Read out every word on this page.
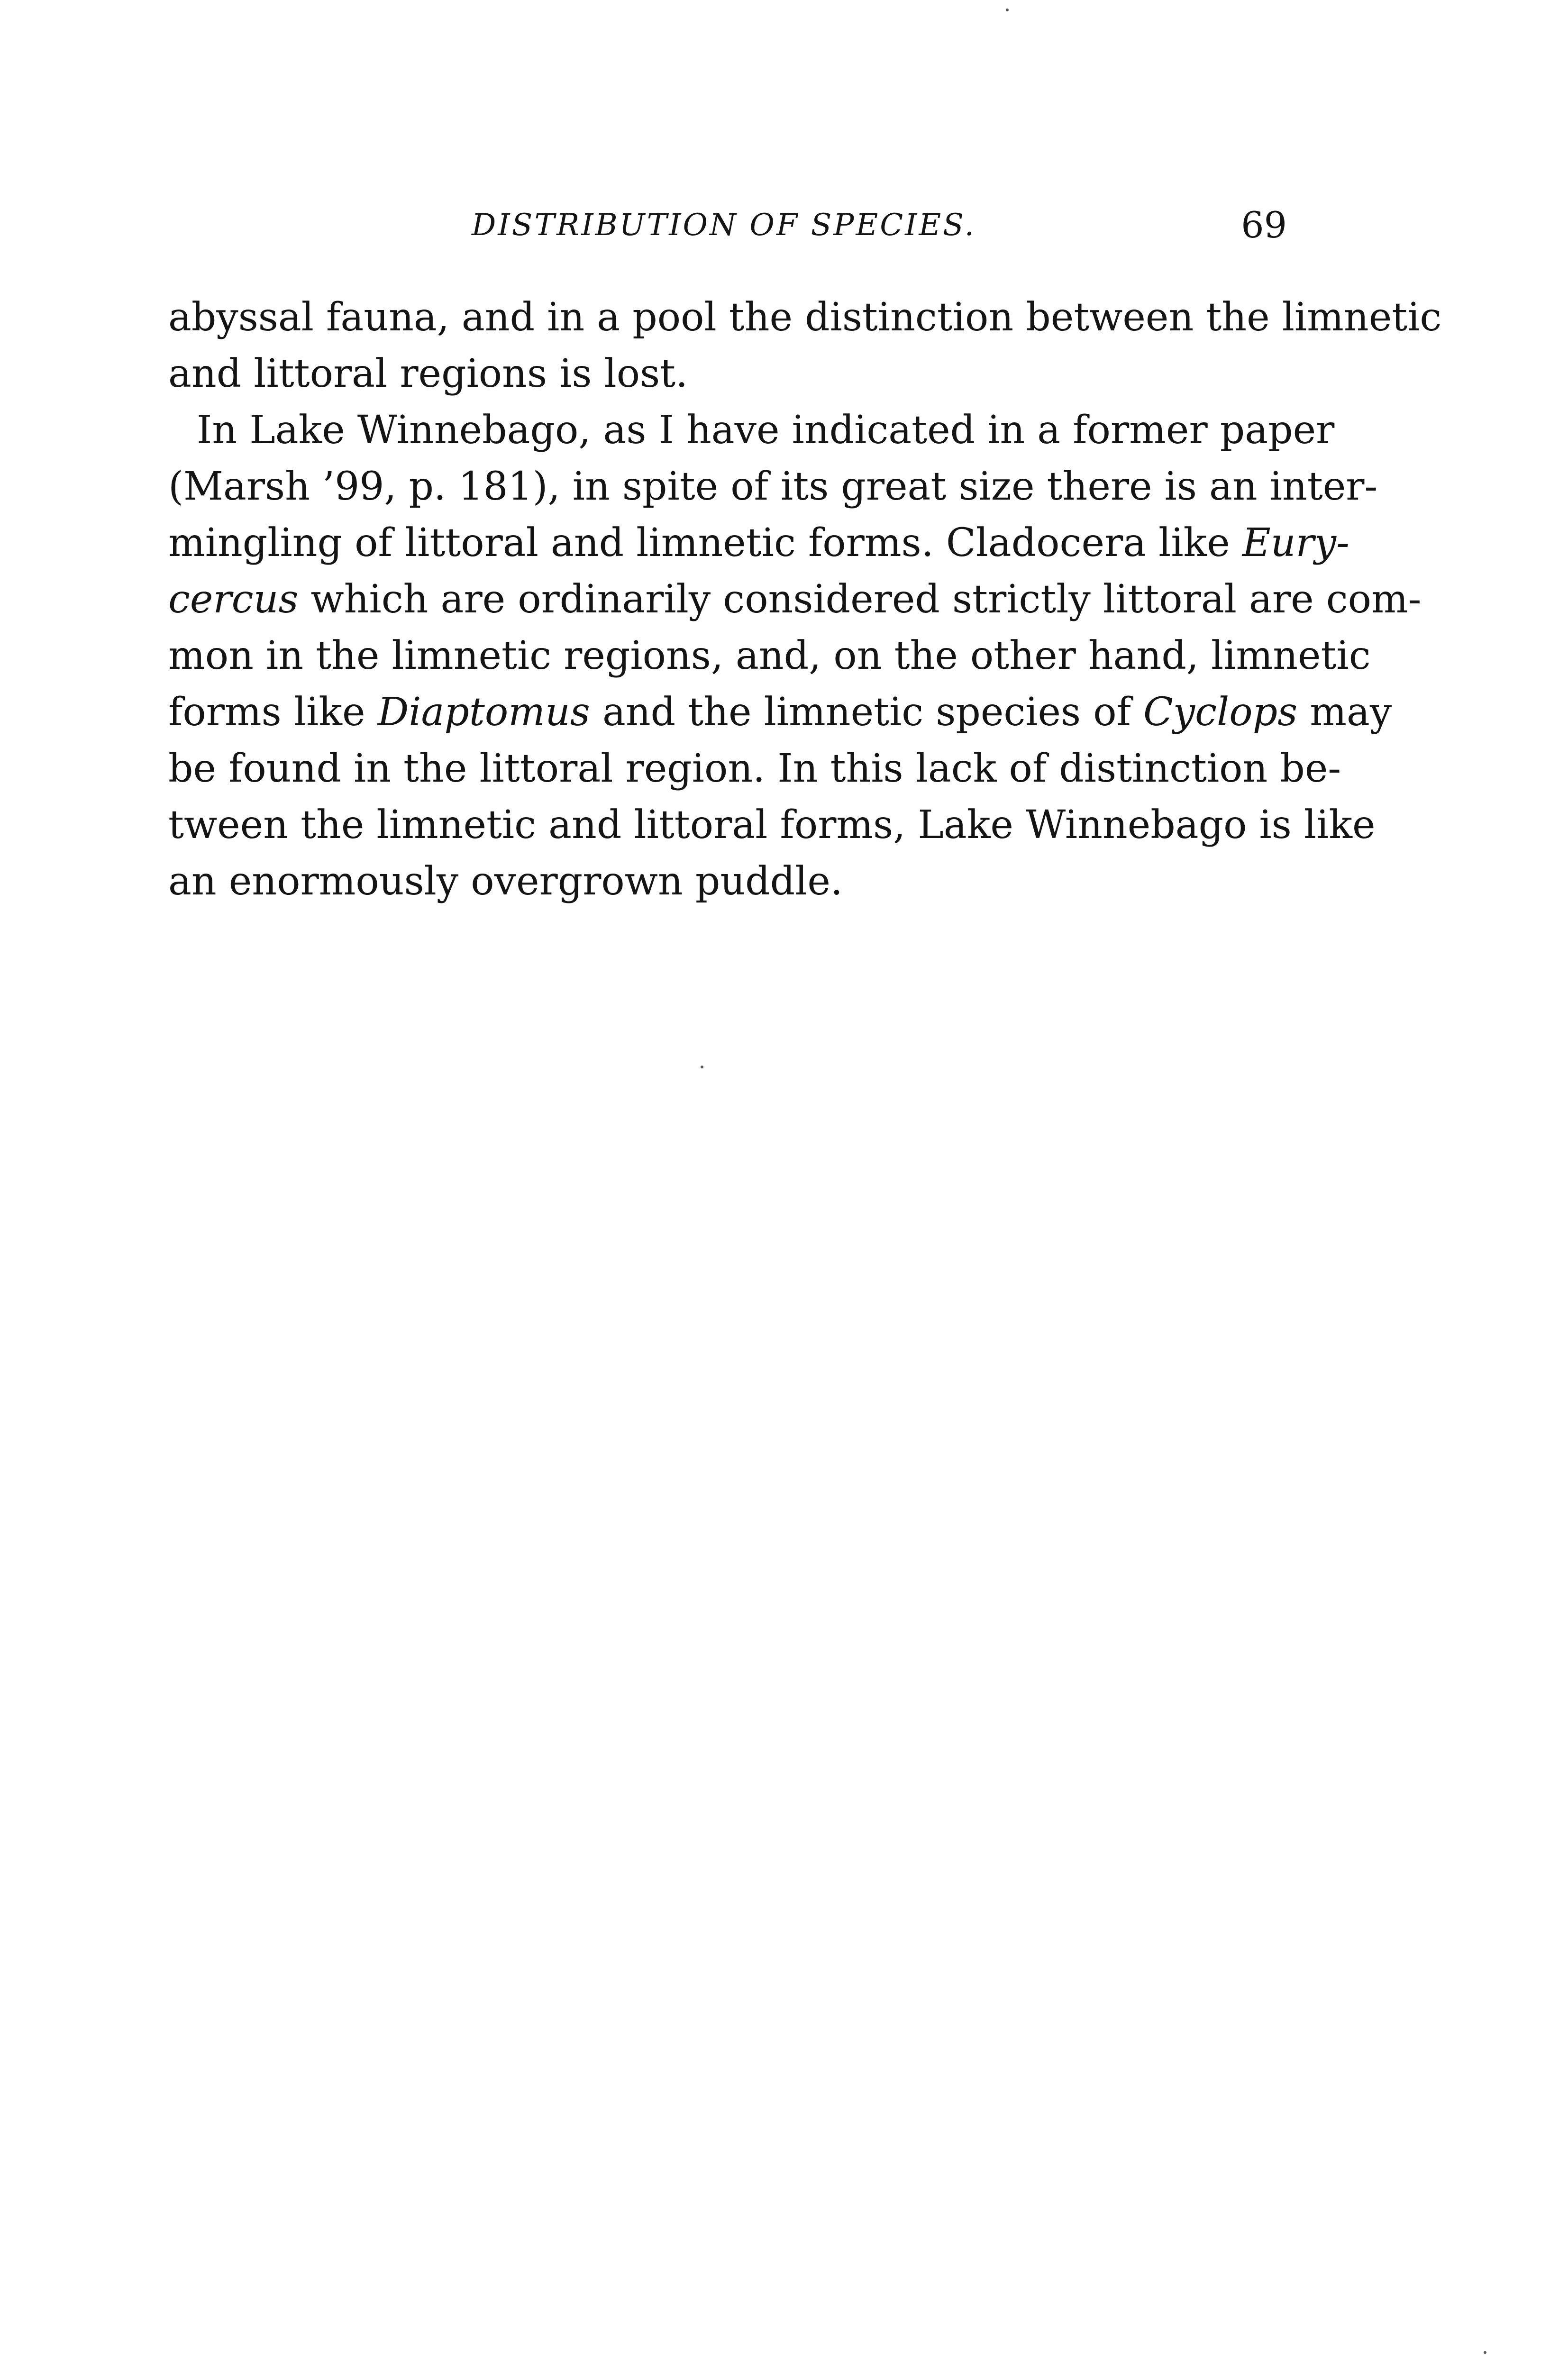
DISTRIBUTION OF SPECIES.	69
abyssal fauna, and in a pool the distinction between the limnetic
and littoral regions is lost.
In Lake Winnebago, as I have indicated in a former paper
(Marsh ’99, p. 181), in spite of its great size there is an inter-
mingling of littoral and limnetic forms. Cladocera like Eury-
cercus which are ordinarily considered strictly littoral are com-
mon in the limnetic regions, and, on the other hand, limnetic
forms like Diaptomus and the limnetic species of Cyclops may
be found in the littoral region. In this lack of distinction be-
tween the limnetic and littoral forms, Lake Winnebago is like
an enormously overgrown puddle.
